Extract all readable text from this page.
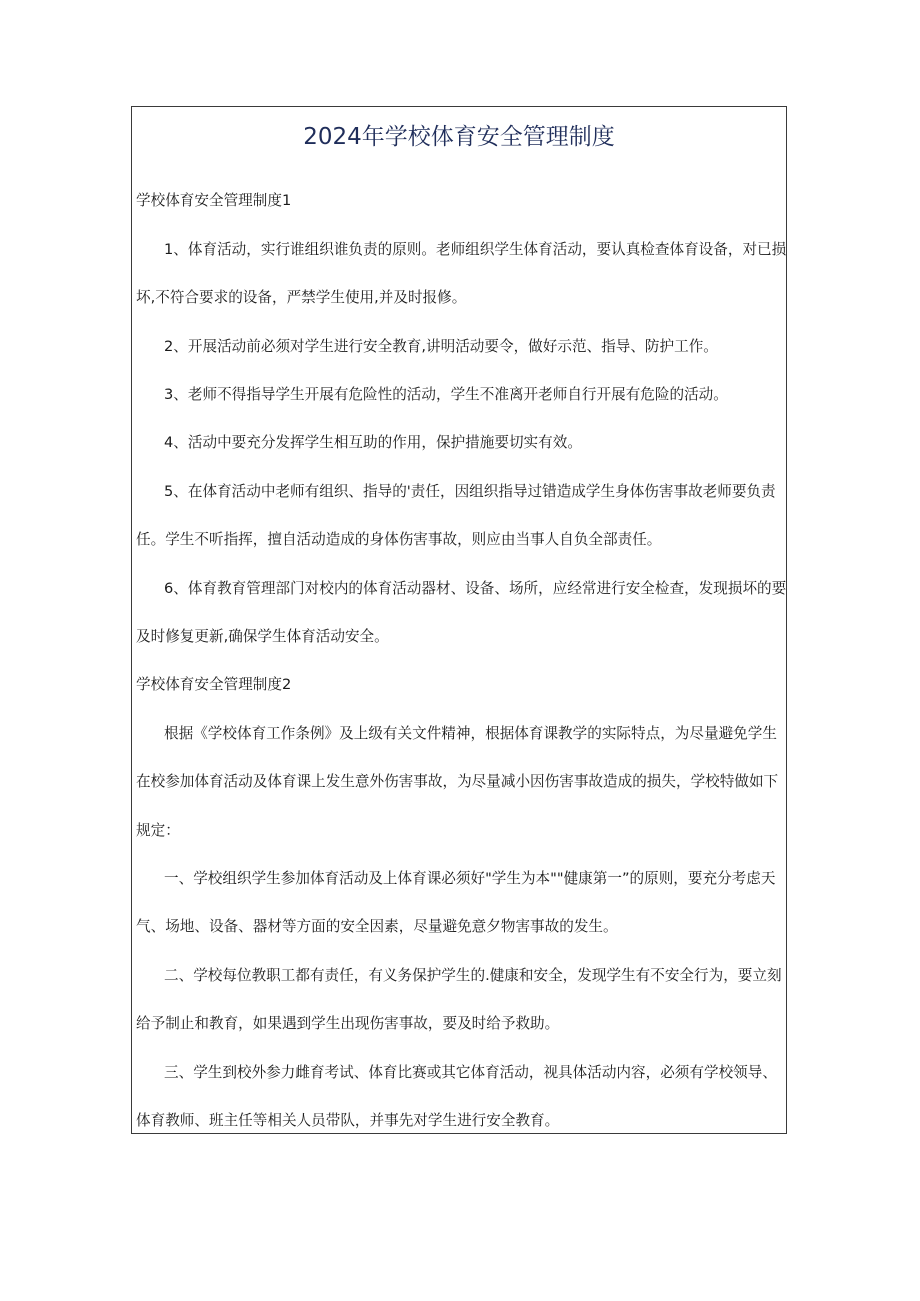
2024年学校体育安全管理制度

学校体育安全管理制度1

1、体育活动，实行谁组织谁负责的原则。老师组织学生体育活动，要认真检查体育设备，对已损

坏,不符合要求的设备，严禁学生使用,并及时报修。

2、开展活动前必须对学生进行安全教育,讲明活动要令，做好示范、指导、防护工作。

3、老师不得指导学生开展有危险性的活动，学生不准离开老师自行开展有危险的活动。

4、活动中要充分发挥学生相互助的作用，保护措施要切实有效。

5、在体育活动中老师有组织、指导的'责任，因组织指导过错造成学生身体伤害事故老师要负责

任。学生不听指挥，擅自活动造成的身体伤害事故，则应由当事人自负全部责任。

6、体育教育管理部门对校内的体育活动器材、设备、场所，应经常进行安全检查，发现损坏的要

及时修复更新,确保学生体育活动安全。

学校体育安全管理制度2

根据《学校体育工作条例》及上级有关文件精神，根据体育课教学的实际特点，为尽量避免学生

在校参加体育活动及体育课上发生意外伤害事故，为尽量减小因伤害事故造成的损失，学校特做如下

规定：

一、学校组织学生参加体育活动及上体育课必须好"学生为本""健康第一”的原则，要充分考虑天

气、场地、设备、器材等方面的安全因素，尽量避免意夕物害事故的发生。

二、学校每位教职工都有责任，有义务保护学生的.健康和安全，发现学生有不安全行为，要立刻

给予制止和教育，如果遇到学生出现伤害事故，要及时给予救助。

三、学生到校外参力雌育考试、体育比赛或其它体育活动，视具体活动内容，必须有学校领导、

体育教师、班主任等相关人员带队，并事先对学生进行安全教育。
